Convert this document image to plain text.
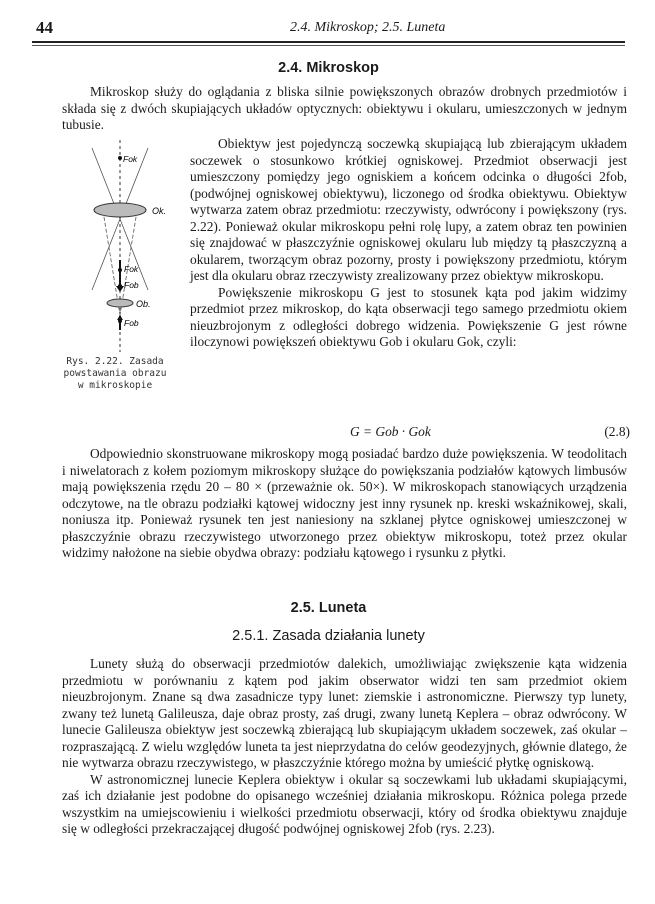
44	2.4. Mikroskop; 2.5. Luneta
2.4. Mikroskop

Mikroskop służy do oglądania z bliska silnie powiększonych obrazów drobnych przedmiotów i składa się z dwóch skupiających układów optycznych: obiektywu i okularu, umieszczonych w jednym tubusie.

Fok
Ok.
Fok
Fob
Ob.
Fob
Rys. 2.22. Zasada powstawania obrazu w mikroskopie

Obiektyw jest pojedynczą soczewką skupiającą lub zbierającym układem soczewek o stosunkowo krótkiej ogniskowej. Przedmiot obserwacji jest umieszczony pomiędzy jego ogniskiem a końcem odcinka o długości 2fob, (podwójnej ogniskowej obiektywu), liczonego od środka obiektywu. Obiektyw wytwarza zatem obraz przedmiotu: rzeczywisty, odwrócony i powiększony (rys. 2.22). Ponieważ okular mikroskopu pełni rolę lupy, a zatem obraz ten powinien się znajdować w płaszczyźnie ogniskowej okularu lub między tą płaszczyzną a okularem, tworzącym obraz pozorny, prosty i powiększony przedmiotu, którym jest dla okularu obraz rzeczywisty zrealizowany przez obiektyw mikroskopu.

Powiększenie mikroskopu G jest to stosunek kąta pod jakim widzimy przedmiot przez mikroskop, do kąta obserwacji tego samego przedmiotu okiem nieuzbrojonym z odległości dobrego widzenia. Powiększenie G jest równe iloczynowi powiększeń obiektywu Gob i okularu Gok, czyli:

G = Gob · Gok	(2.8)

Odpowiednio skonstruowane mikroskopy mogą posiadać bardzo duże powiększenia. W teodolitach i niwelatorach z kołem poziomym mikroskopy służące do powiększania podziałów kątowych limbusów mają powiększenia rzędu 20 – 80 × (przeważnie ok. 50×). W mikroskopach stanowiących urządzenia odczytowe, na tle obrazu podziałki kątowej widoczny jest inny rysunek np. kreski wskaźnikowej, skali, noniusza itp. Ponieważ rysunek ten jest naniesiony na szklanej płytce ogniskowej umieszczonej w płaszczyźnie obrazu rzeczywistego utworzonego przez obiektyw mikroskopu, toteż przez okular widzimy nałożone na siebie obydwa obrazy: podziału kątowego i rysunku z płytki.

2.5. Luneta
2.5.1. Zasada działania lunety

Lunety służą do obserwacji przedmiotów dalekich, umożliwiając zwiększenie kąta widzenia przedmiotu w porównaniu z kątem pod jakim obserwator widzi ten sam przedmiot okiem nieuzbrojonym. Znane są dwa zasadnicze typy lunet: ziemskie i astronomiczne. Pierwszy typ lunety, zwany też lunetą Galileusza, daje obraz prosty, zaś drugi, zwany lunetą Keplera – obraz odwrócony. W lunecie Galileusza obiektyw jest soczewką zbierającą lub skupiającym układem soczewek, zaś okular – rozpraszającą. Z wielu względów luneta ta jest nieprzydatna do celów geodezyjnych, głównie dlatego, że nie wytwarza obrazu rzeczywistego, w płaszczyźnie którego można by umieścić płytkę ogniskową.

W astronomicznej lunecie Keplera obiektyw i okular są soczewkami lub układami skupiającymi, zaś ich działanie jest podobne do opisanego wcześniej działania mikroskopu. Różnica polega przede wszystkim na umiejscowieniu i wielkości przedmiotu obserwacji, który od środka obiektywu znajduje się w odległości przekraczającej długość podwójnej ogniskowej 2fob (rys. 2.23).
